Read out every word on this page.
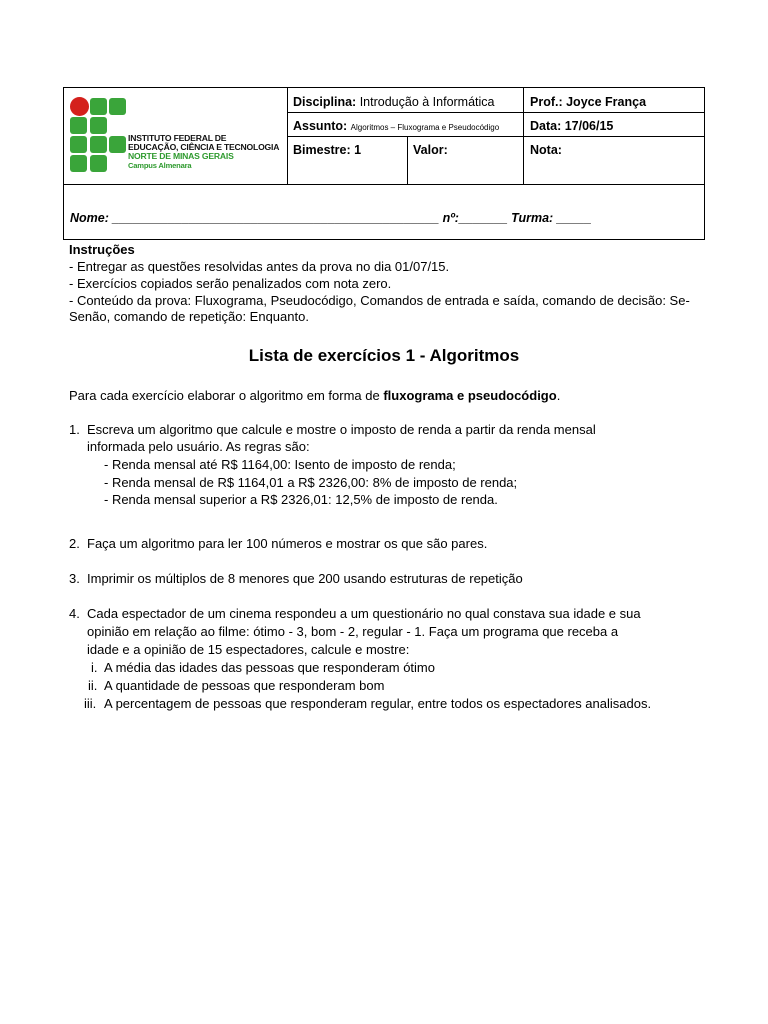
INSTITUTO FEDERAL DE
EDUCAÇÃO, CIÊNCIA E TECNOLOGIA
NORTE DE MINAS GERAIS
Campus Almenara
Disciplina: Introdução à Informática	Prof.: Joyce França
Assunto: Algoritmos – Fluxograma e Pseudocódigo Data: 17/06/15
Bimestre: 1	Valor:	Nota:
Nome: _______________________________________________ nº:_______ Turma: _____
Instruções
- Entregar as questões resolvidas antes da prova no dia 01/07/15.
- Exercícios copiados serão penalizados com nota zero.
- Conteúdo da prova: Fluxograma, Pseudocódigo, Comandos de entrada e saída, comando de decisão: Se-
Senão, comando de repetição: Enquanto.
Lista de exercícios 1 - Algoritmos
Para cada exercício elaborar o algoritmo em forma de fluxograma e pseudocódigo.
1. Escreva um algoritmo que calcule e mostre o imposto de renda a partir da renda mensal
informada pelo usuário. As regras são:
- Renda mensal até R$ 1164,00: Isento de imposto de renda;
- Renda mensal de R$ 1164,01 a R$ 2326,00: 8% de imposto de renda;
- Renda mensal superior a R$ 2326,01: 12,5% de imposto de renda.
2. Faça um algoritmo para ler 100 números e mostrar os que são pares.
3. Imprimir os múltiplos de 8 menores que 200 usando estruturas de repetição
4. Cada espectador de um cinema respondeu a um questionário no qual constava sua idade e sua
opinião em relação ao filme: ótimo - 3, bom - 2, regular - 1. Faça um programa que receba a
idade e a opinião de 15 espectadores, calcule e mostre:
i. A média das idades das pessoas que responderam ótimo
ii. A quantidade de pessoas que responderam bom
iii. A percentagem de pessoas que responderam regular, entre todos os espectadores analisados.
